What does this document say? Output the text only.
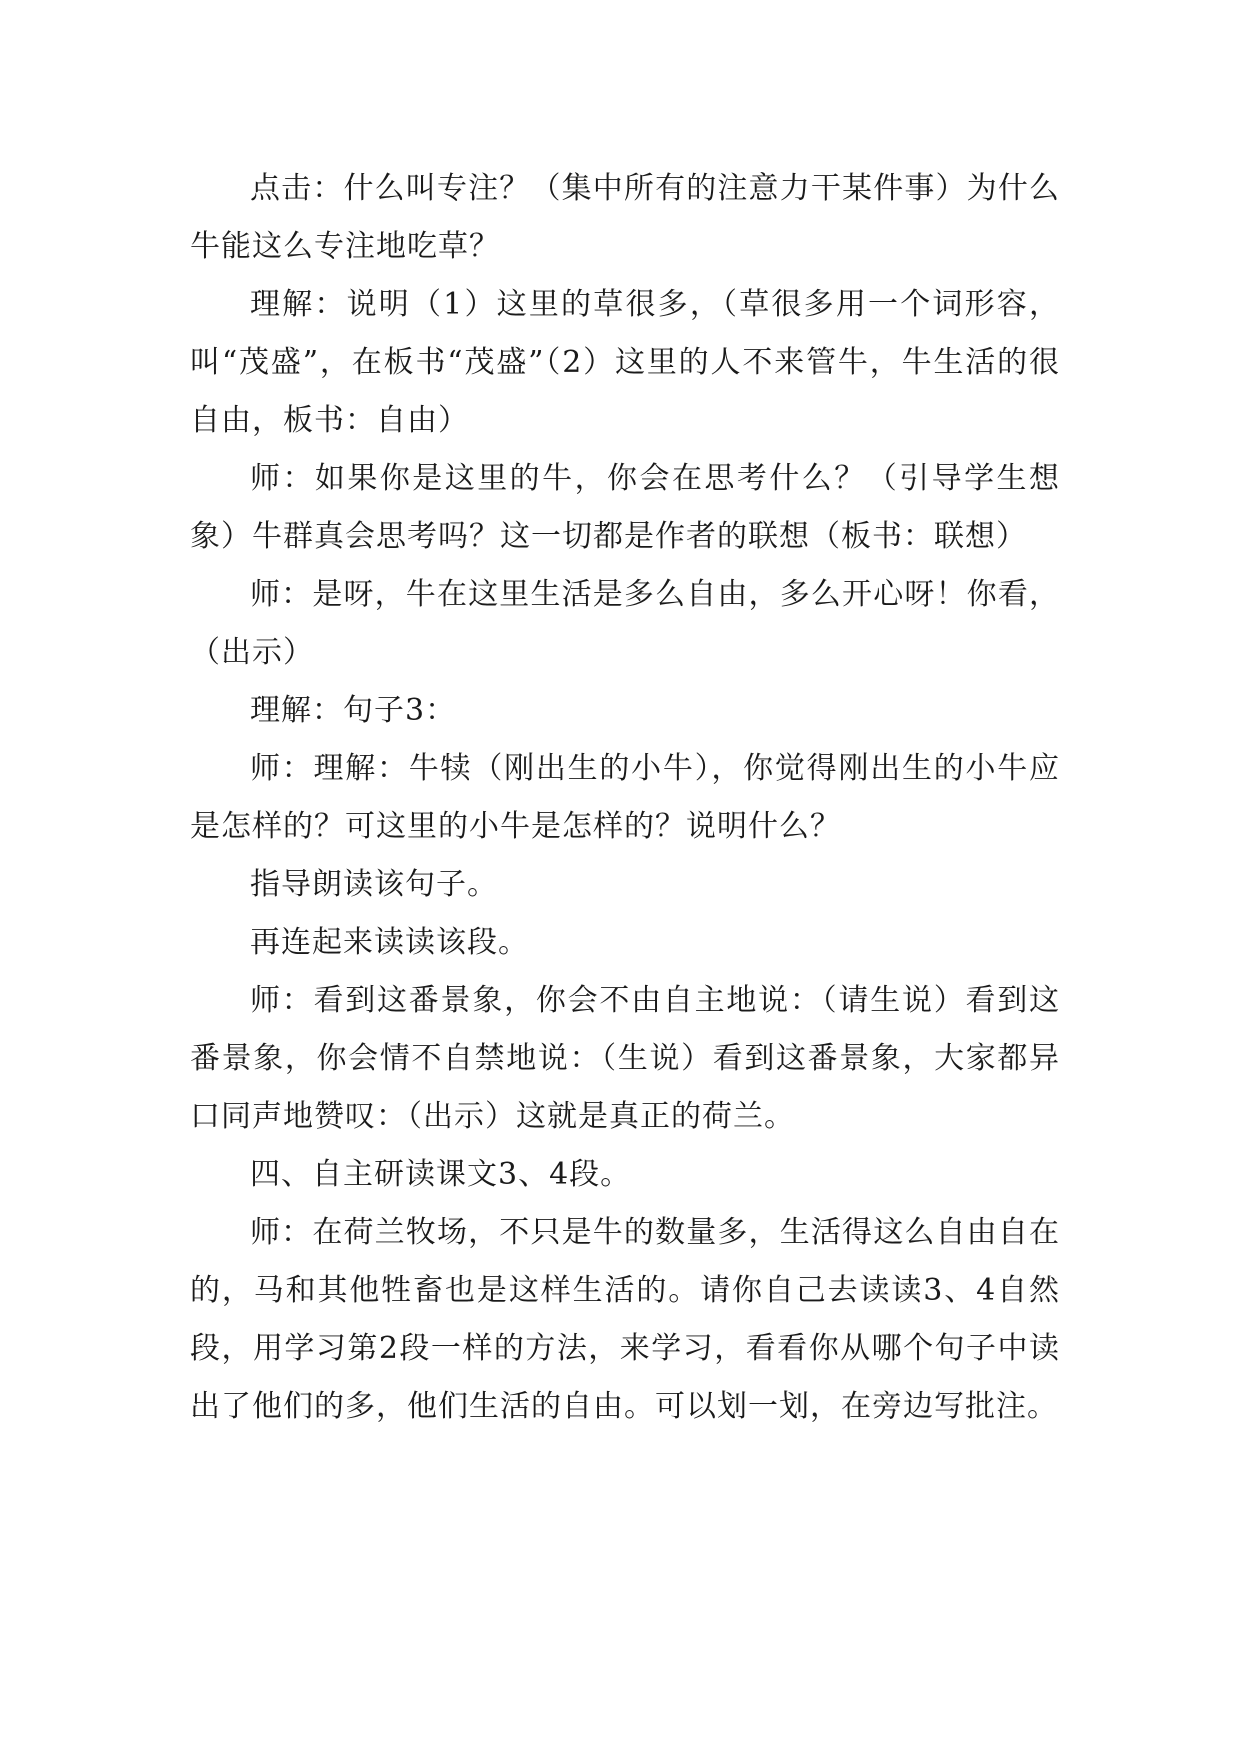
点击：什么叫专注？（集中所有的注意力干某件事）为什么牛能这么专注地吃草？

理解：说明（1）这里的草很多，（草很多用一个词形容，叫“茂盛”，在板书“茂盛”（2）这里的人不来管牛，牛生活的很自由，板书：自由）

师：如果你是这里的牛，你会在思考什么？（引导学生想象）牛群真会思考吗？这一切都是作者的联想（板书：联想）

师：是呀，牛在这里生活是多么自由，多么开心呀！你看，（出示）

理解：句子3：

师：理解：牛犊（刚出生的小牛），你觉得刚出生的小牛应是怎样的？可这里的小牛是怎样的？说明什么？

指导朗读该句子。

再连起来读读该段。

师：看到这番景象，你会不由自主地说：（请生说）看到这番景象，你会情不自禁地说：（生说）看到这番景象，大家都异口同声地赞叹：（出示）这就是真正的荷兰。

四、自主研读课文3、4段。

师：在荷兰牧场，不只是牛的数量多，生活得这么自由自在的，马和其他牲畜也是这样生活的。请你自己去读读3、4自然段，用学习第2段一样的方法，来学习，看看你从哪个句子中读出了他们的多，他们生活的自由。可以划一划，在旁边写批注。
